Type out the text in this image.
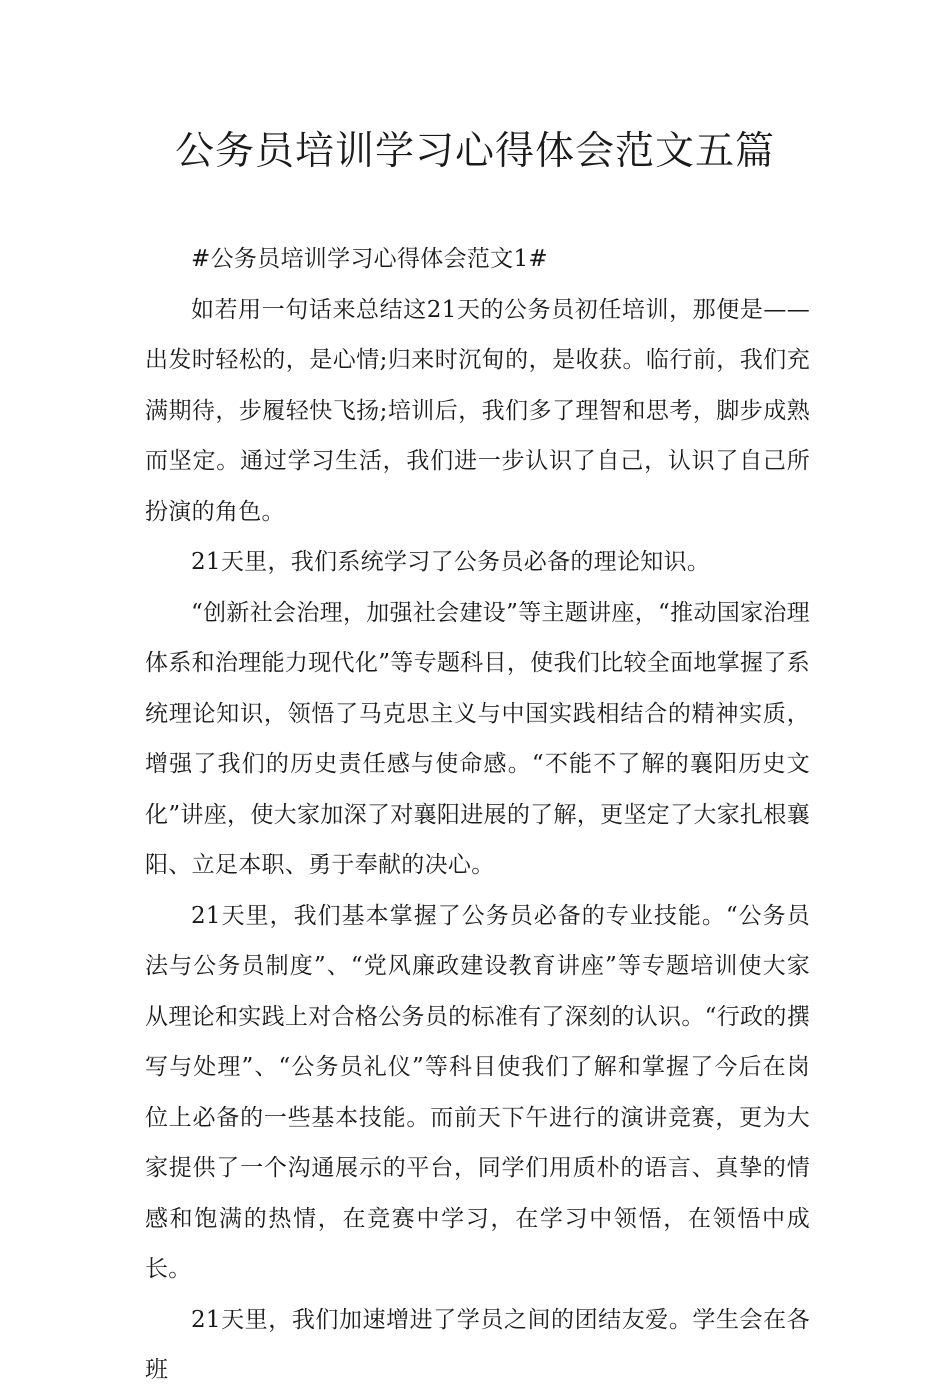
公务员培训学习心得体会范文五篇

#公务员培训学习心得体会范文1#

如若用一句话来总结这21天的公务员初任培训，那便是——出发时轻松的，是心情;归来时沉甸的，是收获。临行前，我们充满期待，步履轻快飞扬;培训后，我们多了理智和思考，脚步成熟而坚定。通过学习生活，我们进一步认识了自己，认识了自己所扮演的角色。

21天里，我们系统学习了公务员必备的理论知识。

“创新社会治理，加强社会建设”等主题讲座，“推动国家治理体系和治理能力现代化”等专题科目，使我们比较全面地掌握了系统理论知识，领悟了马克思主义与中国实践相结合的精神实质，增强了我们的历史责任感与使命感。“不能不了解的襄阳历史文化”讲座，使大家加深了对襄阳进展的了解，更坚定了大家扎根襄阳、立足本职、勇于奉献的决心。

21天里，我们基本掌握了公务员必备的专业技能。“公务员法与公务员制度”、“党风廉政建设教育讲座”等专题培训使大家从理论和实践上对合格公务员的标准有了深刻的认识。“行政的撰写与处理”、“公务员礼仪”等科目使我们了解和掌握了今后在岗位上必备的一些基本技能。而前天下午进行的演讲竞赛，更为大家提供了一个沟通展示的平台，同学们用质朴的语言、真挚的情感和饱满的热情，在竞赛中学习，在学习中领悟，在领悟中成长。

21天里，我们加速增进了学员之间的团结友爱。学生会在各班
